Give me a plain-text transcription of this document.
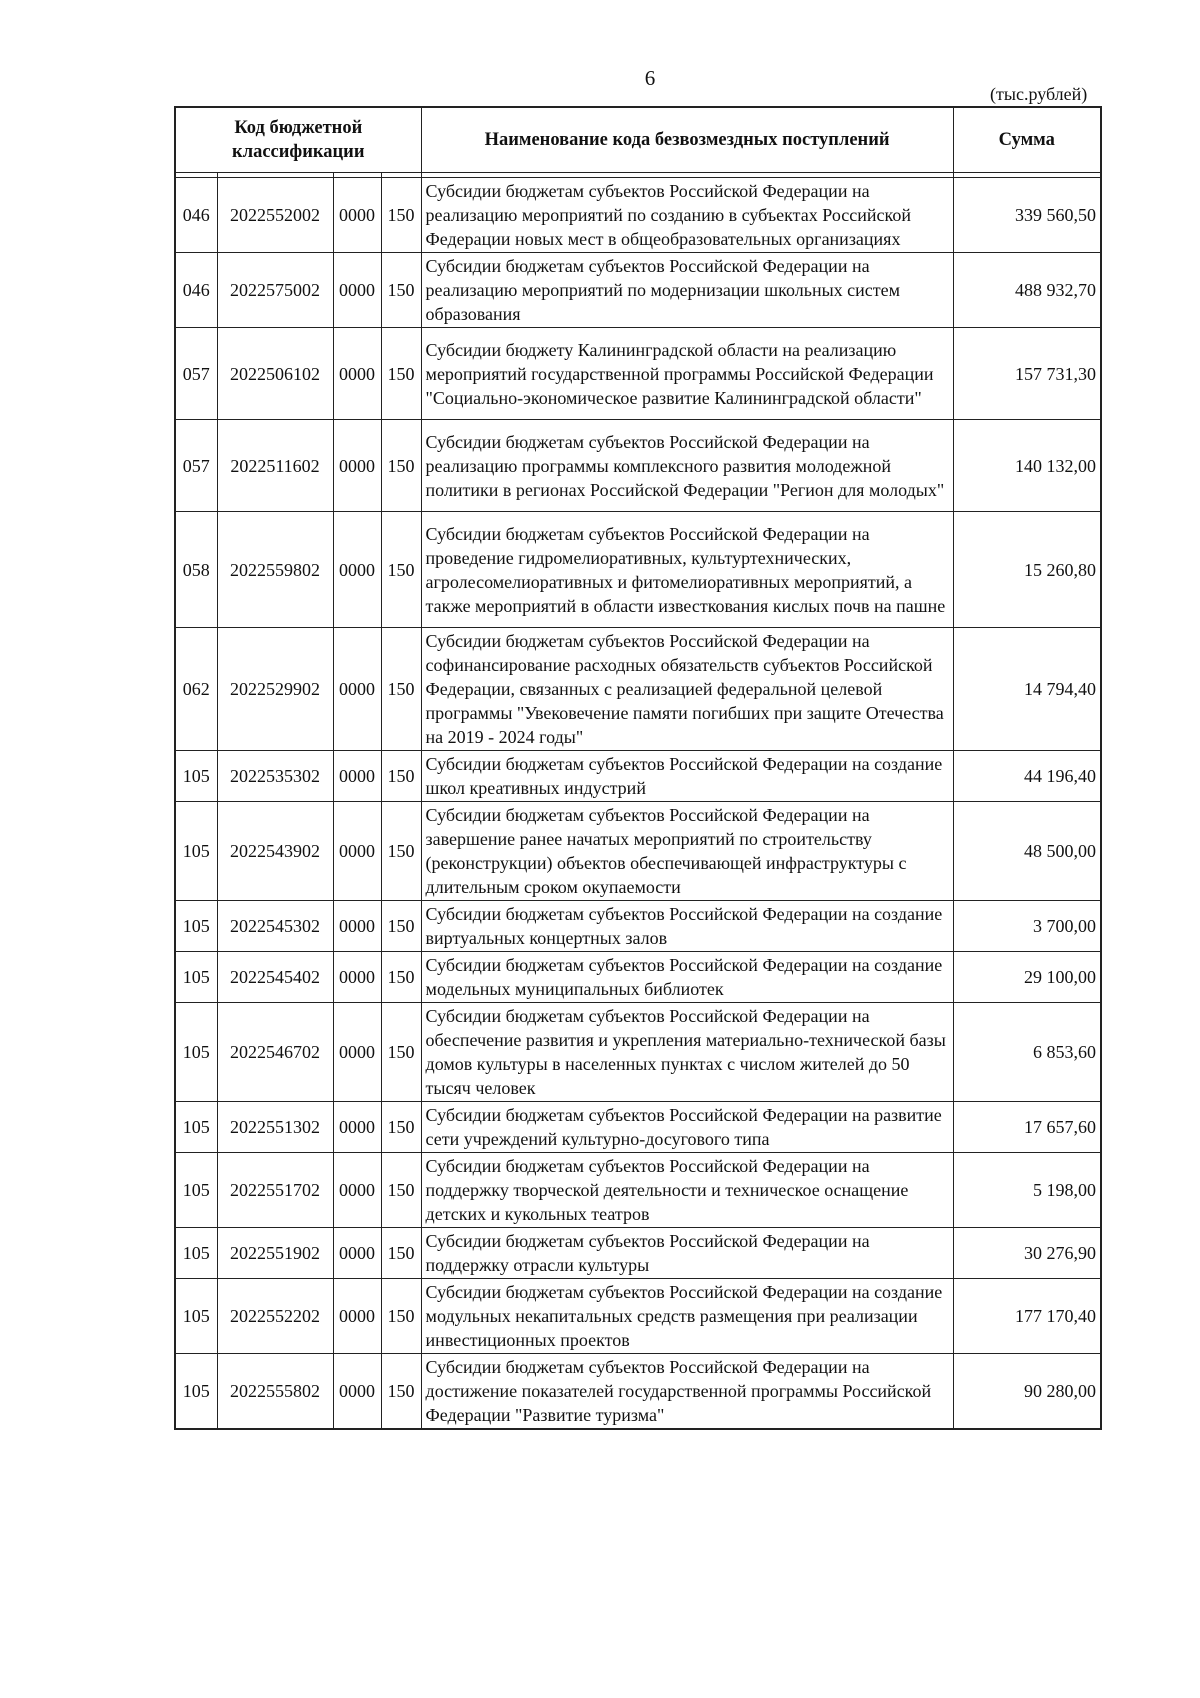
6
(тыс.рублей)
Код бюджетной классификации				Наименование кода безвозмездных поступлений	Сумма

046	2022552002	0000	150	Субсидии бюджетам субъектов Российской Федерации на реализацию мероприятий по созданию в субъектах Российской Федерации новых мест в общеобразовательных организациях	339 560,50
046	2022575002	0000	150	Субсидии бюджетам субъектов Российской Федерации на реализацию мероприятий по модернизации школьных систем образования	488 932,70
057	2022506102	0000	150	Субсидии бюджету Калининградской области на реализацию мероприятий государственной программы Российской Федерации "Социально-экономическое развитие Калининградской области"	157 731,30
057	2022511602	0000	150	Субсидии бюджетам субъектов Российской Федерации на реализацию программы комплексного развития молодежной политики в регионах Российской Федерации "Регион для молодых"	140 132,00
058	2022559802	0000	150	Субсидии бюджетам субъектов Российской Федерации на проведение гидромелиоративных, культуртехнических, агролесомелиоративных и фитомелиоративных мероприятий, а также мероприятий в области известкования кислых почв на пашне	15 260,80
062	2022529902	0000	150	Субсидии бюджетам субъектов Российской Федерации на софинансирование расходных обязательств субъектов Российской Федерации, связанных с реализацией федеральной целевой программы "Увековечение памяти погибших при защите Отечества на 2019 - 2024 годы"	14 794,40
105	2022535302	0000	150	Субсидии бюджетам субъектов Российской Федерации на создание школ креативных индустрий	44 196,40
105	2022543902	0000	150	Субсидии бюджетам субъектов Российской Федерации на завершение ранее начатых мероприятий по строительству (реконструкции) объектов обеспечивающей инфраструктуры с длительным сроком окупаемости	48 500,00
105	2022545302	0000	150	Субсидии бюджетам субъектов Российской Федерации на создание виртуальных концертных залов	3 700,00
105	2022545402	0000	150	Субсидии бюджетам субъектов Российской Федерации на создание модельных муниципальных библиотек	29 100,00
105	2022546702	0000	150	Субсидии бюджетам субъектов Российской Федерации на обеспечение развития и укрепления материально-технической базы домов культуры в населенных пунктах с числом жителей до 50 тысяч человек	6 853,60
105	2022551302	0000	150	Субсидии бюджетам субъектов Российской Федерации на развитие сети учреждений культурно-досугового типа	17 657,60
105	2022551702	0000	150	Субсидии бюджетам субъектов Российской Федерации на поддержку творческой деятельности и техническое оснащение детских и кукольных театров	5 198,00
105	2022551902	0000	150	Субсидии бюджетам субъектов Российской Федерации на поддержку отрасли культуры	30 276,90
105	2022552202	0000	150	Субсидии бюджетам субъектов Российской Федерации на создание модульных некапитальных средств размещения при реализации инвестиционных проектов	177 170,40
105	2022555802	0000	150	Субсидии бюджетам субъектов Российской Федерации на достижение показателей государственной программы Российской Федерации "Развитие туризма"	90 280,00
